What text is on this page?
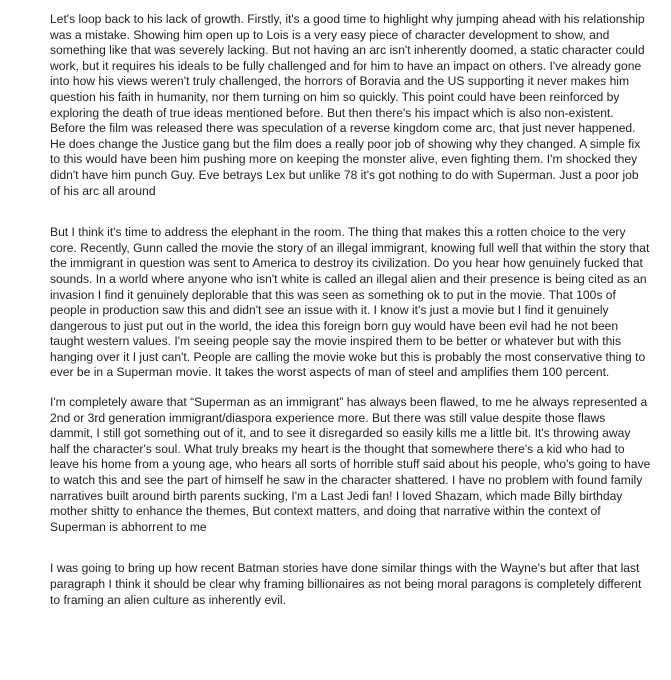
Let's loop back to his lack of growth. Firstly, it's a good time to highlight why jumping ahead with his relationship was a mistake. Showing him open up to Lois is a very easy piece of character development to show, and something like that was severely lacking. But not having an arc isn't inherently doomed, a static character could work, but it requires his ideals to be fully challenged and for him to have an impact on others. I've already gone into how his views weren't truly challenged, the horrors of Boravia and the US supporting it never makes him question his faith in humanity, nor them turning on him so quickly. This point could have been reinforced by exploring the death of true ideas mentioned before. But then there's his impact which is also non-existent. Before the film was released there was speculation of a reverse kingdom come arc, that just never happened. He does change the Justice gang but the film does a really poor job of showing why they changed. A simple fix to this would have been him pushing more on keeping the monster alive, even fighting them. I'm shocked they didn't have him punch Guy. Eve betrays Lex but unlike 78 it's got nothing to do with Superman. Just a poor job of his arc all around

But I think it's time to address the elephant in the room. The thing that makes this a rotten choice to the very core. Recently, Gunn called the movie the story of an illegal immigrant, knowing full well that within the story that the immigrant in question was sent to America to destroy its civilization. Do you hear how genuinely fucked that sounds. In a world where anyone who isn't white is called an illegal alien and their presence is being cited as an invasion I find it genuinely deplorable that this was seen as something ok to put in the movie. That 100s of people in production saw this and didn't see an issue with it. I know it's just a movie but I find it genuinely dangerous to just put out in the world, the idea this foreign born guy would have been evil had he not been taught western values. I'm seeing people say the movie inspired them to be better or whatever but with this hanging over it I just can't. People are calling the movie woke but this is probably the most conservative thing to ever be in a Superman movie. It takes the worst aspects of man of steel and amplifies them 100 percent.

I'm completely aware that “Superman as an immigrant” has always been flawed, to me he always represented a 2nd or 3rd generation immigrant/diaspora experience more. But there was still value despite those flaws dammit, I still got something out of it, and to see it disregarded so easily kills me a little bit. It's throwing away half the character's soul. What truly breaks my heart is the thought that somewhere there's a kid who had to leave his home from a young age, who hears all sorts of horrible stuff said about his people, who's going to have to watch this and see the part of himself he saw in the character shattered. I have no problem with found family narratives built around birth parents sucking, I'm a Last Jedi fan! I loved Shazam, which made Billy birthday mother shitty to enhance the themes, But context matters, and doing that narrative within the context of Superman is abhorrent to me

I was going to bring up how recent Batman stories have done similar things with the Wayne's but after that last paragraph I think it should be clear why framing billionaires as not being moral paragons is completely different to framing an alien culture as inherently evil.
